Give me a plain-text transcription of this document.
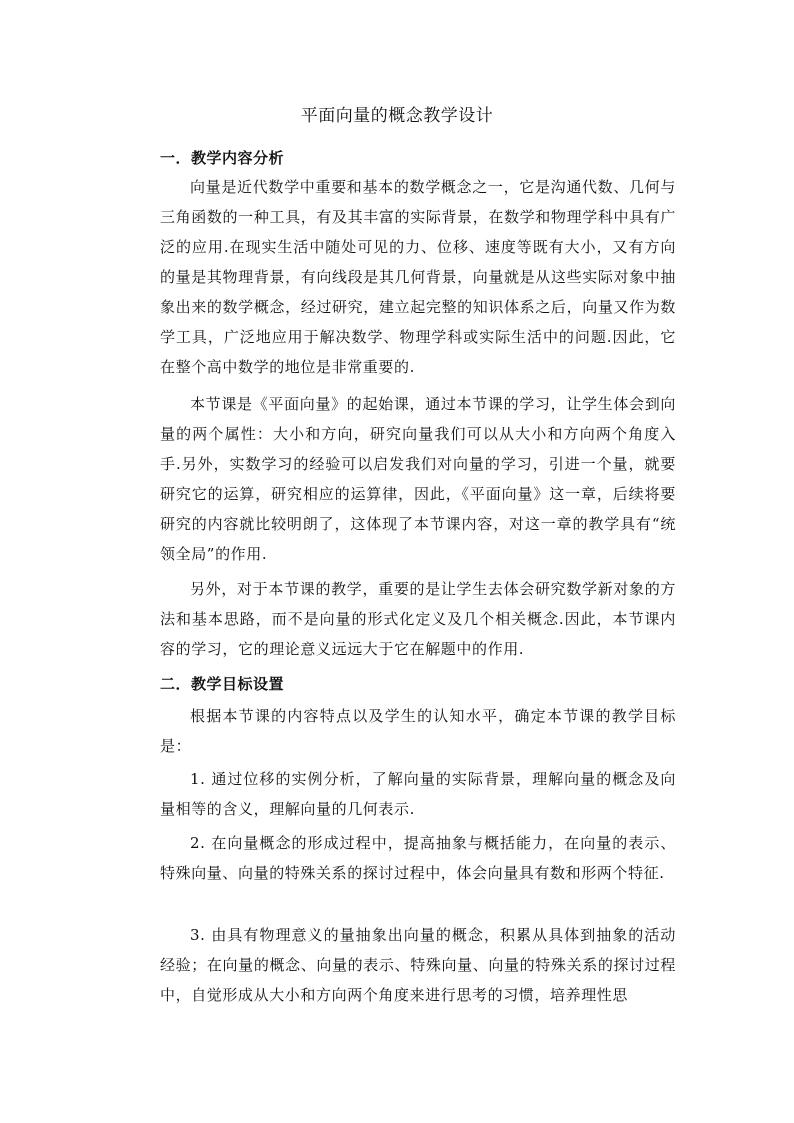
平面向量的概念教学设计
一．教学内容分析
向量是近代数学中重要和基本的数学概念之一，它是沟通代数、几何与三角函数的一种工具，有及其丰富的实际背景，在数学和物理学科中具有广泛的应用.在现实生活中随处可见的力、位移、速度等既有大小，又有方向的量是其物理背景，有向线段是其几何背景，向量就是从这些实际对象中抽象出来的数学概念，经过研究，建立起完整的知识体系之后，向量又作为数学工具，广泛地应用于解决数学、物理学科或实际生活中的问题.因此，它在整个高中数学的地位是非常重要的.
本节课是《平面向量》的起始课，通过本节课的学习，让学生体会到向量的两个属性：大小和方向，研究向量我们可以从大小和方向两个角度入手.另外，实数学习的经验可以启发我们对向量的学习，引进一个量，就要研究它的运算，研究相应的运算律，因此，《平面向量》这一章，后续将要研究的内容就比较明朗了，这体现了本节课内容，对这一章的教学具有“统领全局”的作用.
另外，对于本节课的教学，重要的是让学生去体会研究数学新对象的方法和基本思路，而不是向量的形式化定义及几个相关概念.因此，本节课内容的学习，它的理论意义远远大于它在解题中的作用.
二．教学目标设置
根据本节课的内容特点以及学生的认知水平，确定本节课的教学目标是：
1. 通过位移的实例分析，了解向量的实际背景，理解向量的概念及向量相等的含义，理解向量的几何表示.
2. 在向量概念的形成过程中，提高抽象与概括能力，在向量的表示、特殊向量、向量的特殊关系的探讨过程中，体会向量具有数和形两个特征.
3. 由具有物理意义的量抽象出向量的概念，积累从具体到抽象的活动经验；在向量的概念、向量的表示、特殊向量、向量的特殊关系的探讨过程中，自觉形成从大小和方向两个角度来进行思考的习惯，培养理性思
